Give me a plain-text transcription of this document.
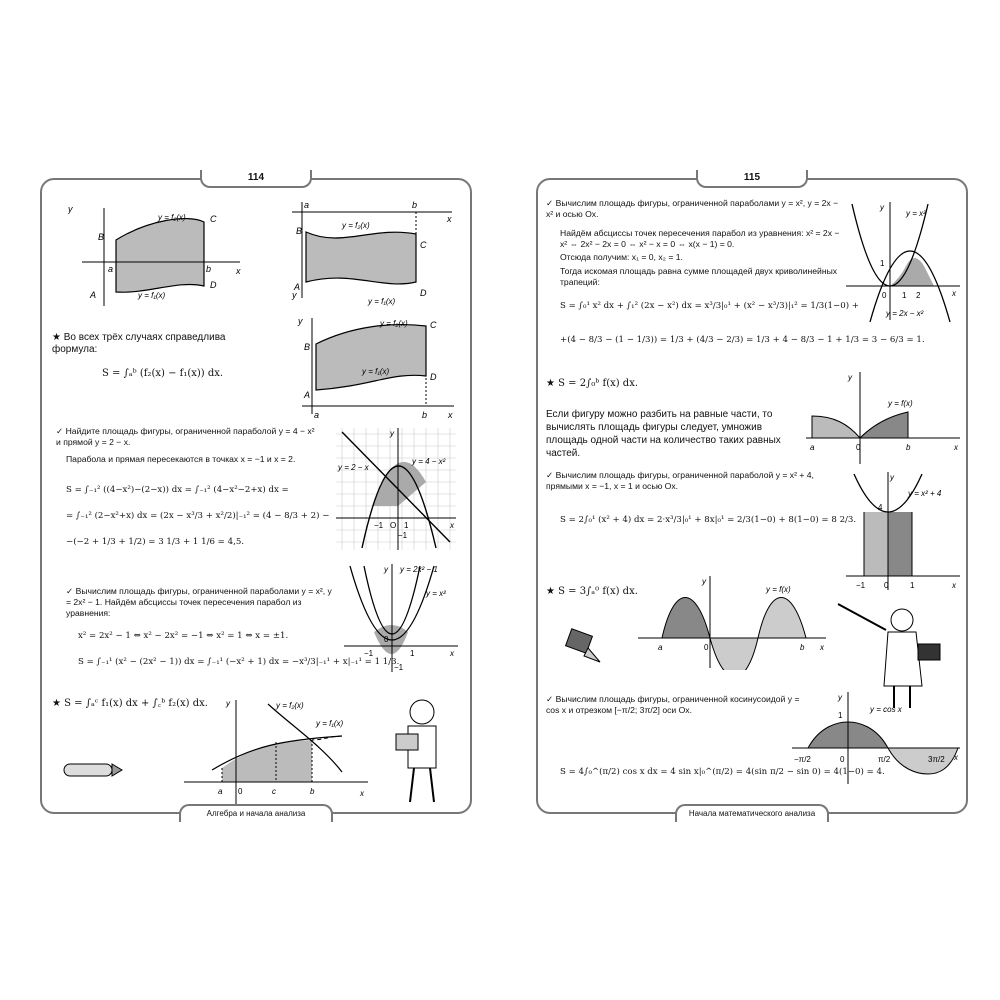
114
y
x
y = f₂(x)
y = f₁(x)
A
B
C
D
a	b
y
x
y = f₂(x)
y = f₁(x)
A
B
C
D
a	b
y
x
y = f₂(x)
y = f₁(x)
A
B
C
D
a	b
★ Во всех трёх случаях справедлива формула:
S = ∫ₐᵇ (f₂(x) − f₁(x)) dx.
✓ Найдите площадь фигуры, ограниченной параболой y = 4 − x² и прямой y = 2 − x.
Парабола и прямая пересекаются в точках x = −1 и x = 2.
S = ∫₋₁² ((4−x²)−(2−x)) dx = ∫₋₁² (4−x²−2+x) dx =
= ∫₋₁² (2−x²+x) dx = (2x − x³/3 + x²/2)|₋₁² = (4 − 8/3 + 2) −
−(−2 + 1/3 + 1/2) = 3 1/3 + 1 1/6 = 4,5.
y
x
y = 2 − x
y = 4 − x²
−1 O 1
−1
✓ Вычислим площадь фигуры, ограниченной параболами y = x², y = 2x² − 1. Найдём абсциссы точек пересечения парабол из уравнения:
x² = 2x² − 1 ⇔ x² − 2x² = −1 ⇔ x² = 1 ⇔ x = ±1.
S = ∫₋₁¹ (x² − (2x² − 1)) dx = ∫₋₁¹ (−x² + 1) dx = −x³/3|₋₁¹ + x|₋₁¹ = 1 1/3.
y
x
y = 2x² − 1
y = x²
0
−1	1
−1
★ S = ∫ₐᶜ f₁(x) dx + ∫꜀ᵇ f₂(x) dx. y
x
y = f₂(x)
y = f₁(x)
a 0	c	b
Алгебра и начала анализа
115
✓ Вычислим площадь фигуры, ограниченной параболами y = x², y = 2x − x² и осью Ox.
Найдём абсциссы точек пересечения парабол из уравнения: x² = 2x − x² ⇔ 2x² − 2x = 0 ⇔ x² − x = 0 ⇔ x(x − 1) = 0.
Отсюда получим: x₁ = 0, x₂ = 1.
Тогда искомая площадь равна сумме площадей двух криволинейных трапеций:
S = ∫₀¹ x² dx + ∫₁² (2x − x²) dx = x³/3|₀¹ + (x² − x³/3)|₁² = 1/3(1−0) +
+(4 − 8/3 − (1 − 1/3)) = 1/3 + (4/3 − 2/3) = 1/3 + 4 − 8/3 − 1 + 1/3 = 3 − 6/3 = 1.
y
x
y = x²
y = 2x − x²
1
0 1 2
★ S = 2∫₀ᵇ f(x) dx.
Если фигуру можно разбить на равные части, то вычислять площадь фигуры следует, умножив площадь одной части на количество таких равных частей.
y
x
y = f(x)
a	0	b
✓ Вычислим площадь фигуры, ограниченной параболой y = x² + 4, прямыми x = −1, x = 1 и осью Ox.
S = 2∫₀¹ (x² + 4) dx = 2·x³/3|₀¹ + 8x|₀¹ = 2/3(1−0) + 8(1−0) = 8 2/3.
y
x
y = x² + 4
4
−1 0	1
★ S = 3∫ₐ⁰ f(x) dx.
y
x
y = f(x)
a	0	b
✓ Вычислим площадь фигуры, ограниченной косинусоидой y = cos x и отрезком [−π/2; 3π/2] оси Ox.
S = 4∫₀^(π/2) cos x dx = 4 sin x|₀^(π/2) = 4(sin π/2 − sin 0) = 4(1−0) = 4.
y
x
y = cos x
1
−π/2	0	π/2	3π/2
Начала математического анализа
